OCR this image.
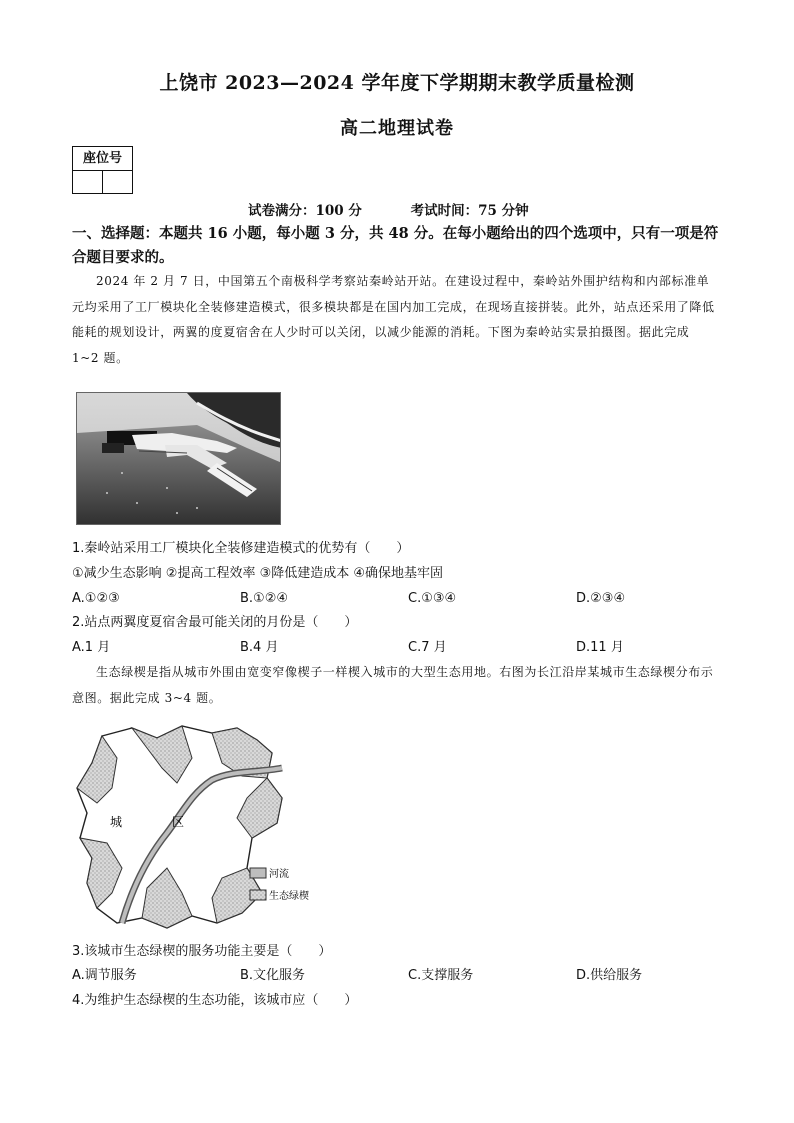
上饶市 2023—2024 学年度下学期期末教学质量检测
高二地理试卷
座位号
试卷满分：100 分	考试时间：75 分钟
一、选择题：本题共 16 小题，每小题 3 分，共 48 分。在每小题给出的四个选项中，只有一项是符合题目要求的。
2024 年 2 月 7 日，中国第五个南极科学考察站秦岭站开站。在建设过程中，秦岭站外围护结构和内部标准单元均采用了工厂模块化全装修建造模式，很多模块都是在国内加工完成，在现场直接拼装。此外，站点还采用了降低能耗的规划设计，两翼的度夏宿舍在人少时可以关闭，以减少能源的消耗。下图为秦岭站实景拍摄图。据此完成 1~2 题。
1.秦岭站采用工厂模块化全装修建造模式的优势有（　　）
①减少生态影响 ②提高工程效率 ③降低建造成本 ④确保地基牢固
A.①②③	B.①②④	C.①③④	D.②③④
2.站点两翼度夏宿舍最可能关闭的月份是（　　）
A.1 月	B.4 月	C.7 月	D.11 月
生态绿楔是指从城市外围由宽变窄像楔子一样楔入城市的大型生态用地。右图为长江沿岸某城市生态绿楔分布示意图。据此完成 3~4 题。
城	区
河流
生态绿楔
3.该城市生态绿楔的服务功能主要是（　　）
A.调节服务	B.文化服务	C.支撑服务	D.供给服务
4.为维护生态绿楔的生态功能，该城市应（　　）
